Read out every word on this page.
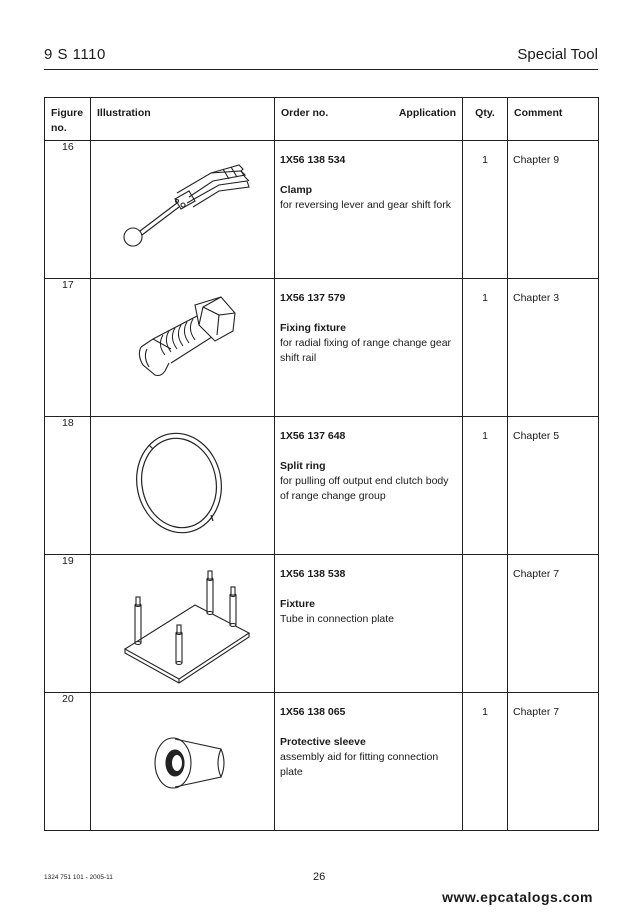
9 S 1110	Special Tool
Figure no.	Illustration	Order no. Application	Qty.	Comment

16		1X56 138 534
Clamp
for reversing lever and gear shift fork	1	Chapter 9

17		1X56 137 579
Fixing fixture
for radial fixing of range change gear shift rail	1	Chapter 3

18		1X56 137 648
Split ring
for pulling off output end clutch body of range change group	1	Chapter 5

19		1X56 138 538
Fixture
Tube in connection plate		Chapter 7

20		1X56 138 065
Protective sleeve
assembly aid for fitting connection plate	1	Chapter 7
1324 751 101 - 2005-11	26
www.epcatalogs.com
